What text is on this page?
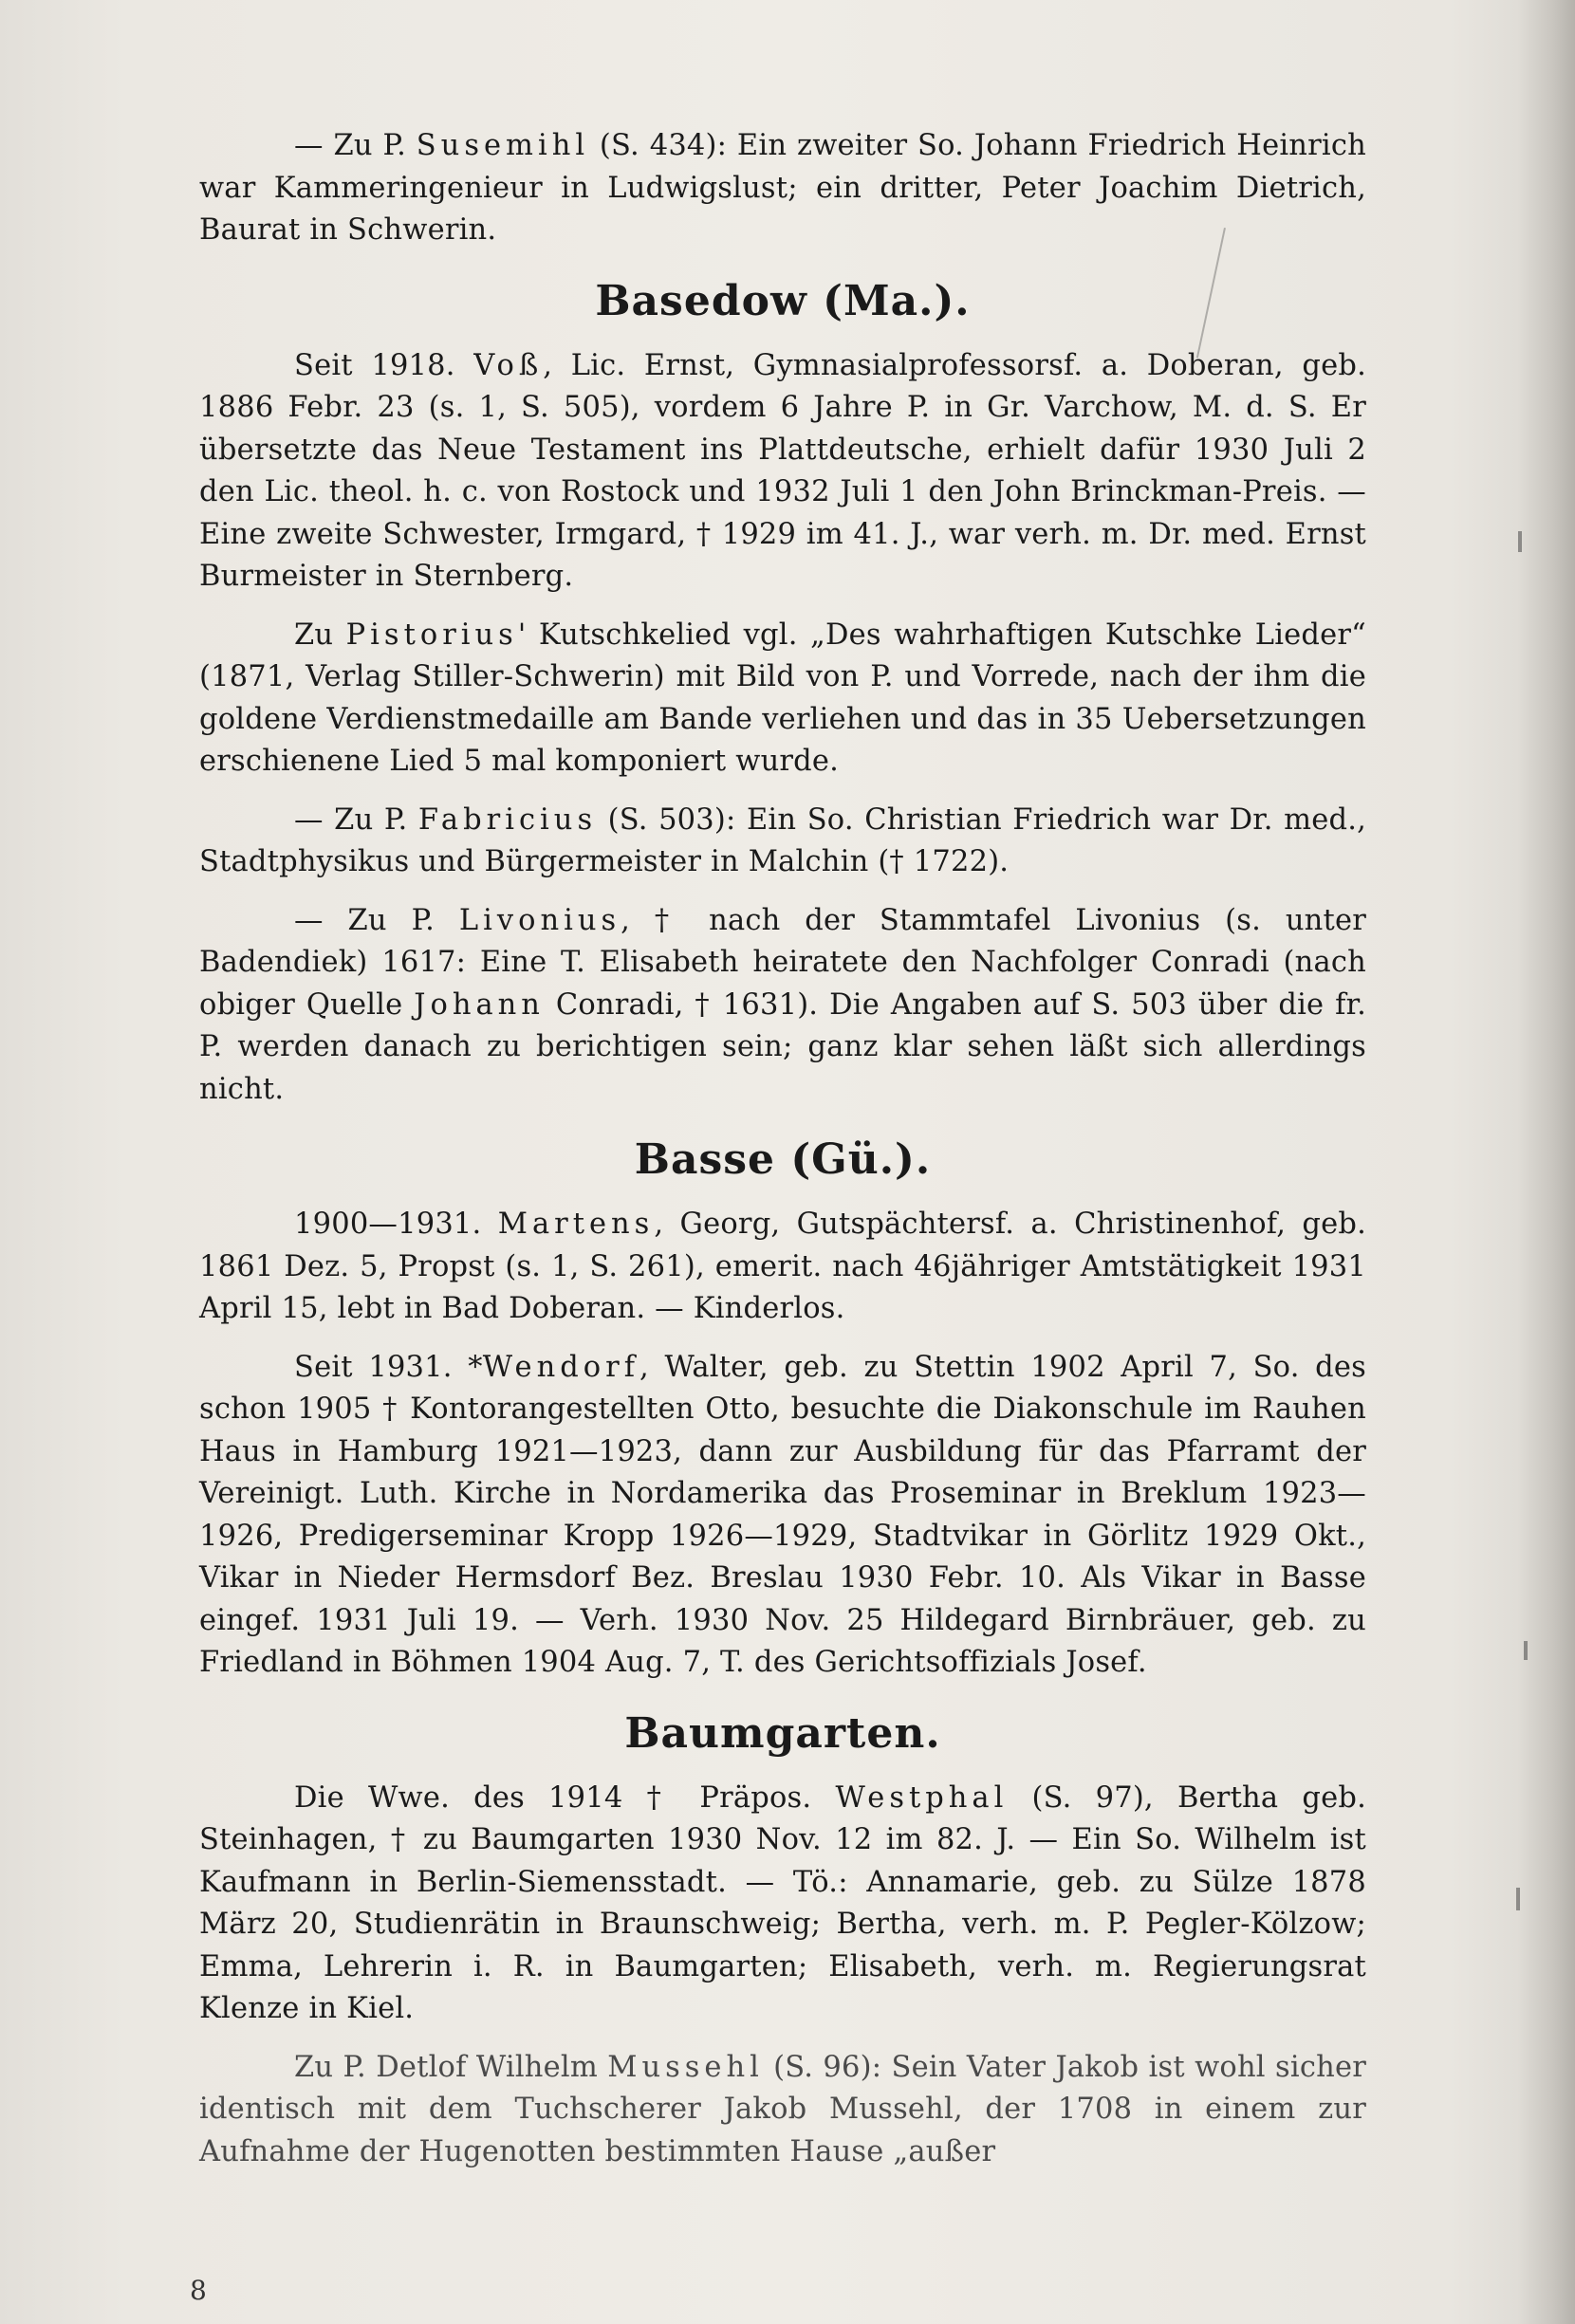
— Zu P. Susemihl (S. 434): Ein zweiter So. Johann Friedrich Heinrich war Kammeringenieur in Ludwigslust; ein dritter, Peter Joachim Dietrich, Baurat in Schwerin.

Basedow (Ma.).

Seit 1918. Voß, Lic. Ernst, Gymnasialprofessorsf. a. Doberan, geb. 1886 Febr. 23 (s. 1, S. 505), vordem 6 Jahre P. in Gr. Varchow, M. d. S. Er übersetzte das Neue Testament ins Plattdeutsche, erhielt dafür 1930 Juli 2 den Lic. theol. h. c. von Rostock und 1932 Juli 1 den John Brinckman-Preis. — Eine zweite Schwester, Irmgard, † 1929 im 41. J., war verh. m. Dr. med. Ernst Burmeister in Sternberg.

Zu Pistorius' Kutschkelied vgl. „Des wahrhaftigen Kutschke Lieder“ (1871, Verlag Stiller-Schwerin) mit Bild von P. und Vorrede, nach der ihm die goldene Verdienstmedaille am Bande verliehen und das in 35 Uebersetzungen erschienene Lied 5 mal komponiert wurde.

— Zu P. Fabricius (S. 503): Ein So. Christian Friedrich war Dr. med., Stadtphysikus und Bürgermeister in Malchin († 1722).

— Zu P. Livonius, † nach der Stammtafel Livonius (s. unter Badendiek) 1617: Eine T. Elisabeth heiratete den Nachfolger Conradi (nach obiger Quelle Johann Conradi, † 1631). Die Angaben auf S. 503 über die fr. P. werden danach zu berichtigen sein; ganz klar sehen läßt sich allerdings nicht.

Basse (Gü.).

1900—1931. Martens, Georg, Gutspächtersf. a. Christinenhof, geb. 1861 Dez. 5, Propst (s. 1, S. 261), emerit. nach 46jähriger Amtstätigkeit 1931 April 15, lebt in Bad Doberan. — Kinderlos.

Seit 1931. *Wendorf, Walter, geb. zu Stettin 1902 April 7, So. des schon 1905 † Kontorangestellten Otto, besuchte die Diakonschule im Rauhen Haus in Hamburg 1921—1923, dann zur Ausbildung für das Pfarramt der Vereinigt. Luth. Kirche in Nordamerika das Proseminar in Breklum 1923—1926, Predigerseminar Kropp 1926—1929, Stadtvikar in Görlitz 1929 Okt., Vikar in Nieder Hermsdorf Bez. Breslau 1930 Febr. 10. Als Vikar in Basse eingef. 1931 Juli 19. — Verh. 1930 Nov. 25 Hildegard Birnbräuer, geb. zu Friedland in Böhmen 1904 Aug. 7, T. des Gerichtsoffizials Josef.

Baumgarten.

Die Wwe. des 1914 † Präpos. Westphal (S. 97), Bertha geb. Steinhagen, † zu Baumgarten 1930 Nov. 12 im 82. J. — Ein So. Wilhelm ist Kaufmann in Berlin-Siemensstadt. — Tö.: Annamarie, geb. zu Sülze 1878 März 20, Studienrätin in Braunschweig; Bertha, verh. m. P. Pegler-Kölzow; Emma, Lehrerin i. R. in Baumgarten; Elisabeth, verh. m. Regierungsrat Klenze in Kiel.

Zu P. Detlof Wilhelm Mussehl (S. 96): Sein Vater Jakob ist wohl sicher identisch mit dem Tuchscherer Jakob Mussehl, der 1708 in einem zur Aufnahme der Hugenotten bestimmten Hause „außer

8
